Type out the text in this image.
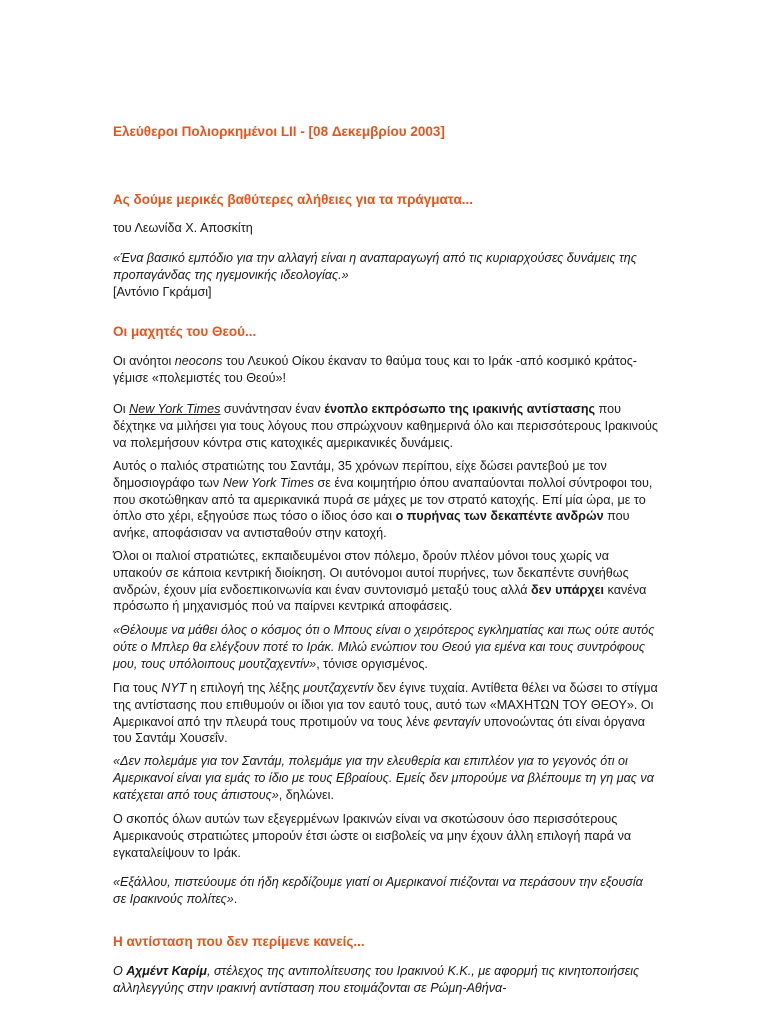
Ελεύθεροι Πολιορκημένοι LII - [08 Δεκεμβρίου 2003]
Ας δούμε μερικές βαθύτερες αλήθειες για τα πράγματα...

του Λεωνίδα Χ. Αποσκίτη

«Ένα βασικό εμπόδιο για την αλλαγή είναι η αναπαραγωγή από τις κυριαρχούσες δυνάμεις της προπαγάνδας της ηγεμονικής ιδεολογίας.»

[Αντόνιο Γκράμσι]

Οι μαχητές του Θεού...

Οι ανόητοι neocons του Λευκού Οίκου έκαναν το θαύμα τους και το Ιράκ -από κοσμικό κράτος- γέμισε «πολεμιστές του Θεού»!

Οι New York Times συνάντησαν έναν ένοπλο εκπρόσωπο της ιρακινής αντίστασης που δέχτηκε να μιλήσει για τους λόγους που σπρώχνουν καθημερινά όλο και περισσότερους Ιρακινούς να πολεμήσουν κόντρα στις κατοχικές αμερικανικές δυνάμεις.

Αυτός ο παλιός στρατιώτης του Σαντάμ, 35 χρόνων περίπου, είχε δώσει ραντεβού με τον δημοσιογράφο των New York Times σε ένα κοιμητήριο όπου αναπαύονται πολλοί σύντροφοι του, που σκοτώθηκαν από τα αμερικανικά πυρά σε μάχες με τον στρατό κατοχής. Επί μία ώρα, με το όπλο στο χέρι, εξηγούσε πως τόσο ο ίδιος όσο και ο πυρήνας των δεκαπέντε ανδρών που ανήκε, αποφάσισαν να αντισταθούν στην κατοχή.

Όλοι οι παλιοί στρατιώτες, εκπαιδευμένοι στον πόλεμο, δρούν πλέον μόνοι τους χωρίς να υπακούν σε κάποια κεντρική διοίκηση. Οι αυτόνομοι αυτοί πυρήνες, των δεκαπέντε συνήθως ανδρών, έχουν μία ενδοεπικοινωνία και έναν συντονισμό μεταξύ τους αλλά δεν υπάρχει κανένα πρόσωπο ή μηχανισμός πού να παίρνει κεντρικά αποφάσεις.

«Θέλουμε να μάθει όλος ο κόσμος ότι ο Μπους είναι ο χειρότερος εγκληματίας και πως ούτε αυτός ούτε ο Μπλερ θα ελέγξουν ποτέ το Ιράκ. Μιλώ ενώπιον του Θεού για εμένα και τους συντρόφους μου, τους υπόλοιπους μουτζαχεντίν», τόνισε οργισμένος.

Για τους NYT η επιλογή της λέξης μουτζαχεντίν δεν έγινε τυχαία. Αντίθετα θέλει να δώσει το στίγμα της αντίστασης που επιθυμούν οι ίδιοι για τον εαυτό τους, αυτό των «ΜΑΧΗΤΩΝ ΤΟΥ ΘΕΟΥ». Οι Αμερικανοί από την πλευρά τους προτιμούν να τους λένε φενταγίν υπονοώντας ότι είναι όργανα του Σαντάμ Χουσεΐν.

«Δεν πολεμάμε για τον Σαντάμ, πολεμάμε για την ελευθερία και επιπλέον για το γεγονός ότι οι Αμερικανοί είναι για εμάς το ίδιο με τους Εβραίους. Εμείς δεν μπορούμε να βλέπουμε τη γη μας να κατέχεται από τους άπιστους», δηλώνει.

Ο σκοπός όλων αυτών των εξεγερμένων Ιρακινών είναι να σκοτώσουν όσο περισσότερους Αμερικανούς στρατιώτες μπορούν έτσι ώστε οι εισβολείς να μην έχουν άλλη επιλογή παρά να εγκαταλείψουν το Ιράκ.

«Εξάλλου, πιστεύουμε ότι ήδη κερδίζουμε γιατί οι Αμερικανοί πιέζονται να περάσουν την εξουσία σε Ιρακινούς πολίτες».

Η αντίσταση που δεν περίμενε κανείς...

Ο Αχμέντ Καρίμ, στέλεχος της αντιπολίτευσης του Ιρακινού Κ.Κ., με αφορμή τις κινητοποιήσεις αλληλεγγύης στην ιρακινή αντίσταση που ετοιμάζονται σε Ρώμη-Αθήνα-
